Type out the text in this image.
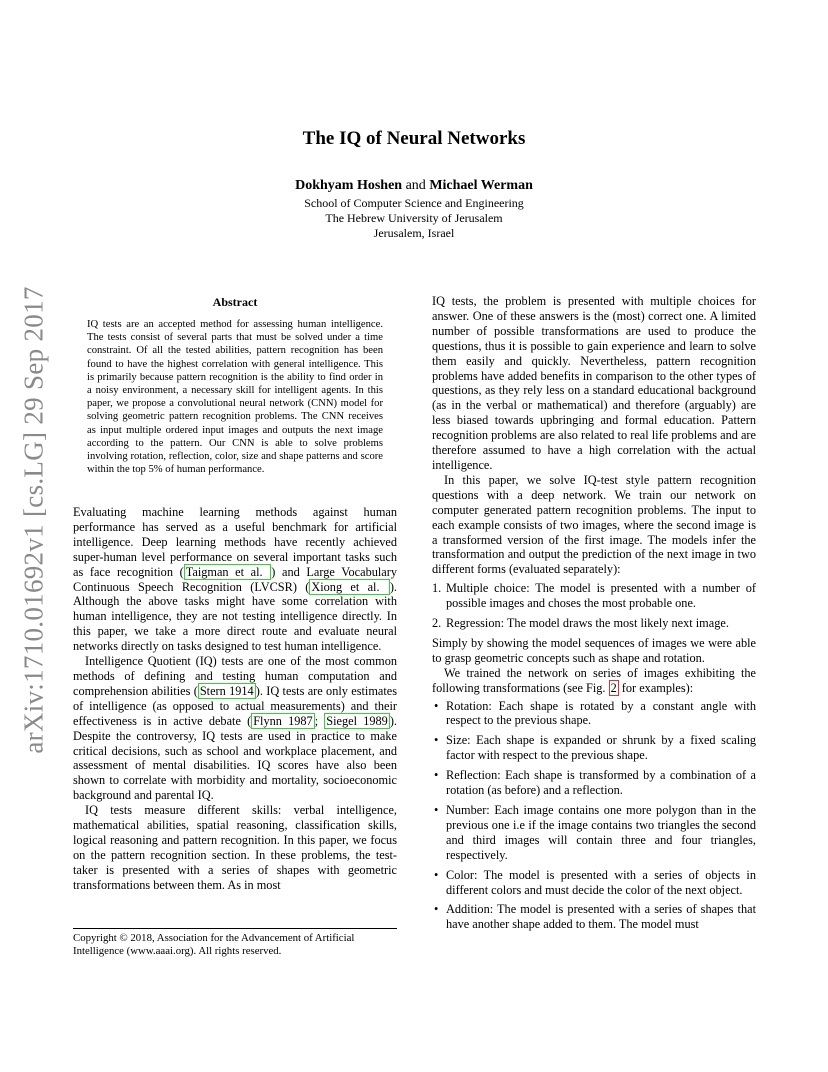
arXiv:1710.01692v1 [cs.LG] 29 Sep 2017
The IQ of Neural Networks
Dokhyam Hoshen and Michael Werman
School of Computer Science and Engineering
The Hebrew University of Jerusalem
Jerusalem, Israel
Abstract
IQ tests are an accepted method for assessing human intelligence. The tests consist of several parts that must be solved under a time constraint. Of all the tested abilities, pattern recognition has been found to have the highest correlation with general intelligence. This is primarily because pattern recognition is the ability to find order in a noisy environment, a necessary skill for intelligent agents. In this paper, we propose a convolutional neural network (CNN) model for solving geometric pattern recognition problems. The CNN receives as input multiple ordered input images and outputs the next image according to the pattern. Our CNN is able to solve problems involving rotation, reflection, color, size and shape patterns and score within the top 5% of human performance.

Evaluating machine learning methods against human performance has served as a useful benchmark for artificial intelligence. Deep learning methods have recently achieved super-human level performance on several important tasks such as face recognition ( Taigman et al. ) and Large Vocabulary Continuous Speech Recognition (LVCSR) ( Xiong et al. ). Although the above tasks might have some correlation with human intelligence, they are not testing intelligence directly. In this paper, we take a more direct route and evaluate neural networks directly on tasks designed to test human intelligence.

Intelligence Quotient (IQ) tests are one of the most common methods of defining and testing human computation and comprehension abilities ( Stern 1914 ). IQ tests are only estimates of intelligence (as opposed to actual measurements) and their effectiveness is in active debate ( Flynn 1987 ; Siegel 1989 ). Despite the controversy, IQ tests are used in practice to make critical decisions, such as school and workplace placement, and assessment of mental disabilities. IQ scores have also been shown to correlate with morbidity and mortality, socioeconomic background and parental IQ.

IQ tests measure different skills: verbal intelligence, mathematical abilities, spatial reasoning, classification skills, logical reasoning and pattern recognition. In this paper, we focus on the pattern recognition section. In these problems, the test-taker is presented with a series of shapes with geometric transformations between them. As in most

Copyright © 2018, Association for the Advancement of Artificial Intelligence (www.aaai.org). All rights reserved.

IQ tests, the problem is presented with multiple choices for answer. One of these answers is the (most) correct one. A limited number of possible transformations are used to produce the questions, thus it is possible to gain experience and learn to solve them easily and quickly. Nevertheless, pattern recognition problems have added benefits in comparison to the other types of questions, as they rely less on a standard educational background (as in the verbal or mathematical) and therefore (arguably) are less biased towards upbringing and formal education. Pattern recognition problems are also related to real life problems and are therefore assumed to have a high correlation with the actual intelligence.

In this paper, we solve IQ-test style pattern recognition questions with a deep network. We train our network on computer generated pattern recognition problems. The input to each example consists of two images, where the second image is a transformed version of the first image. The models infer the transformation and output the prediction of the next image in two different forms (evaluated separately):

1. Multiple choice: The model is presented with a number of possible images and choses the most probable one.
2. Regression: The model draws the most likely next image.

Simply by showing the model sequences of images we were able to grasp geometric concepts such as shape and rotation.

We trained the network on series of images exhibiting the following transformations (see Fig. 2 for examples):

• Rotation: Each shape is rotated by a constant angle with respect to the previous shape.
• Size: Each shape is expanded or shrunk by a fixed scaling factor with respect to the previous shape.
• Reflection: Each shape is transformed by a combination of a rotation (as before) and a reflection.
• Number: Each image contains one more polygon than in the previous one i.e if the image contains two triangles the second and third images will contain three and four triangles, respectively.
• Color: The model is presented with a series of objects in different colors and must decide the color of the next object.
• Addition: The model is presented with a series of shapes that have another shape added to them. The model must
